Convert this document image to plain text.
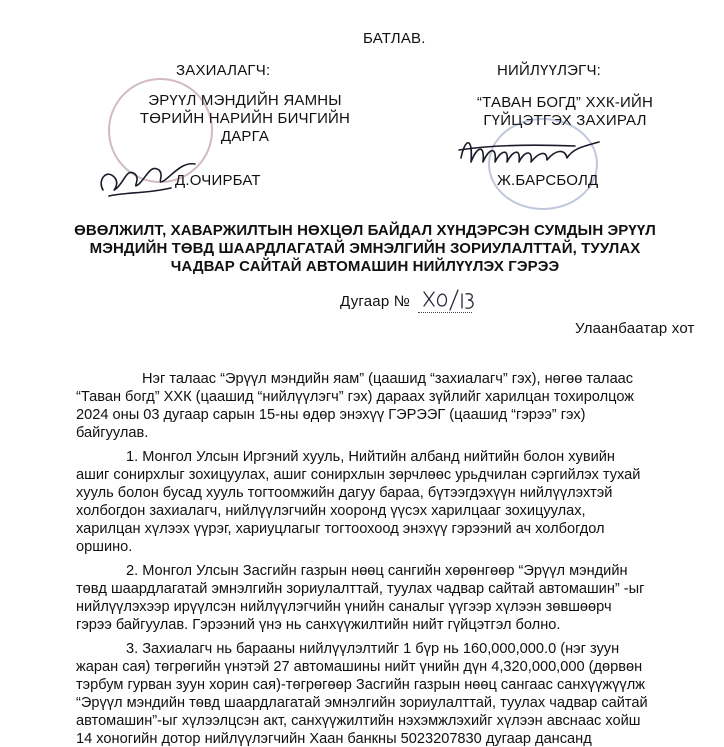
БАТЛАВ.
ЗАХИАЛАГЧ:
ЭРҮҮЛ МЭНДИЙН ЯАМНЫ
ТӨРИЙН НАРИЙН БИЧГИЙН
ДАРГА
Д.ОЧИРБАТ
НИЙЛҮҮЛЭГЧ:
“ТАВАН БОГД” ХХК-ИЙН
ГҮЙЦЭТГЭХ ЗАХИРАЛ
Ж.БАРСБОЛД
ӨВӨЛЖИЛТ, ХАВАРЖИЛТЫН НӨХЦӨЛ БАЙДАЛ ХҮНДЭРСЭН СУМДЫН ЭРҮҮЛ
МЭНДИЙН ТӨВД ШААРДЛАГАТАЙ ЭМНЭЛГИЙН ЗОРИУЛАЛТТАЙ, ТУУЛАХ
ЧАДВАР САЙТАЙ АВТОМАШИН НИЙЛҮҮЛЭХ ГЭРЭЭ
Дугаар №
Улаанбаатар хот
Нэг талаас “Эрүүл мэндийн яам” (цаашид “захиалагч” гэх), нөгөө талаас
“Таван богд” ХХК (цаашид “нийлүүлэгч” гэх) дараах зүйлийг харилцан тохиролцож
2024 оны 03 дугаар сарын 15-ны өдөр энэхүү ГЭРЭЭГ (цаашид “гэрээ” гэх)
байгуулав.
1. Монгол Улсын Иргэний хууль, Нийтийн албанд нийтийн болон хувийн
ашиг сонирхлыг зохицуулах, ашиг сонирхлын зөрчлөөс урьдчилан сэргийлэх тухай
хууль болон бусад хууль тогтоомжийн дагуу бараа, бүтээгдэхүүн нийлүүлэхтэй
холбогдон захиалагч, нийлүүлэгчийн хооронд үүсэх харилцааг зохицуулах,
харилцан хүлээх үүрэг, хариуцлагыг тогтоохоод энэхүү гэрээний ач холбогдол
оршино.
2. Монгол Улсын Засгийн газрын нөөц сангийн хөрөнгөөр “Эрүүл мэндийн
төвд шаардлагатай эмнэлгийн зориулалттай, туулах чадвар сайтай автомашин” -ыг
нийлүүлэхээр ирүүлсэн нийлүүлэгчийн үнийн саналыг үүгээр хүлээн зөвшөөрч
гэрээ байгуулав. Гэрээний үнэ нь санхүүжилтийн нийт гүйцэтгэл болно.
3. Захиалагч нь барааны нийлүүлэлтийг 1 бүр нь 160,000,000.0 (нэг зуун
жаран сая) төгрөгийн үнэтэй 27 автомашины нийт үнийн дүн 4,320,000,000 (дөрвөн
тэрбум гурван зуун хорин сая)-төгрөгөөр Засгийн газрын нөөц сангаас санхүүжүүлж
“Эрүүл мэндийн төвд шаардлагатай эмнэлгийн зориулалттай, туулах чадвар сайтай
автомашин”-ыг хүлээлцсэн акт, санхүүжилтийн нэхэмжлэхийг хүлээн авснаас хойш
14 хоногийн дотор нийлүүлэгчийн Хаан банкны 5023207830 дугаар дансанд
